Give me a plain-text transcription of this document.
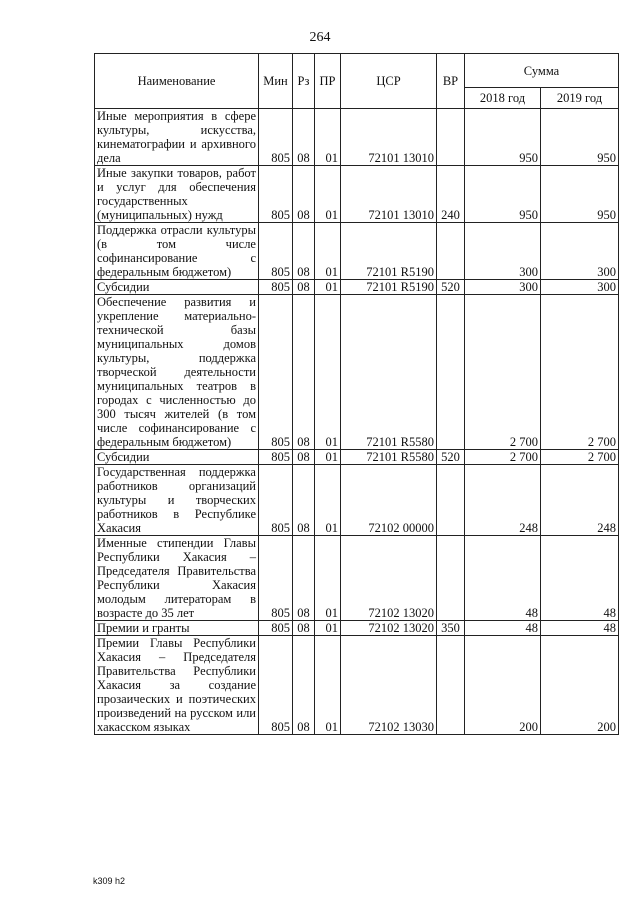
264
Наименование	Мин	Рз	ПР	ЦСР	ВР	Сумма	
						2018 год	2019 год
Иные мероприятия в сфере культуры, искусства, кинематографии и архивного дела	805	08	01	72101 13010		950	950
Иные закупки товаров, работ и услуг для обеспечения государственных (муниципальных) нужд	805	08	01	72101 13010	240	950	950
Поддержка отрасли культуры (в том числе софинансирование с федеральным бюджетом)	805	08	01	72101 R5190		300	300
Субсидии	805	08	01	72101 R5190	520	300	300
Обеспечение развития и укрепление материально-технической базы муниципальных домов культуры, поддержка творческой деятельности муниципальных театров в городах с численностью до 300 тысяч жителей (в том числе софинансирование с федеральным бюджетом)	805	08	01	72101 R5580		2 700	2 700
Субсидии	805	08	01	72101 R5580	520	2 700	2 700
Государственная поддержка работников организаций культуры и творческих работников в Республике Хакасия	805	08	01	72102 00000		248	248
Именные стипендии Главы Республики Хакасия – Председателя Правительства Республики Хакасия молодым литераторам в возрасте до 35 лет	805	08	01	72102 13020		48	48
Премии и гранты	805	08	01	72102 13020	350	48	48
Премии Главы Республики Хакасия – Председателя Правительства Республики Хакасия за создание прозаических и поэтических произведений на русском или хакасском языках	805	08	01	72102 13030		200	200
k309 h2
